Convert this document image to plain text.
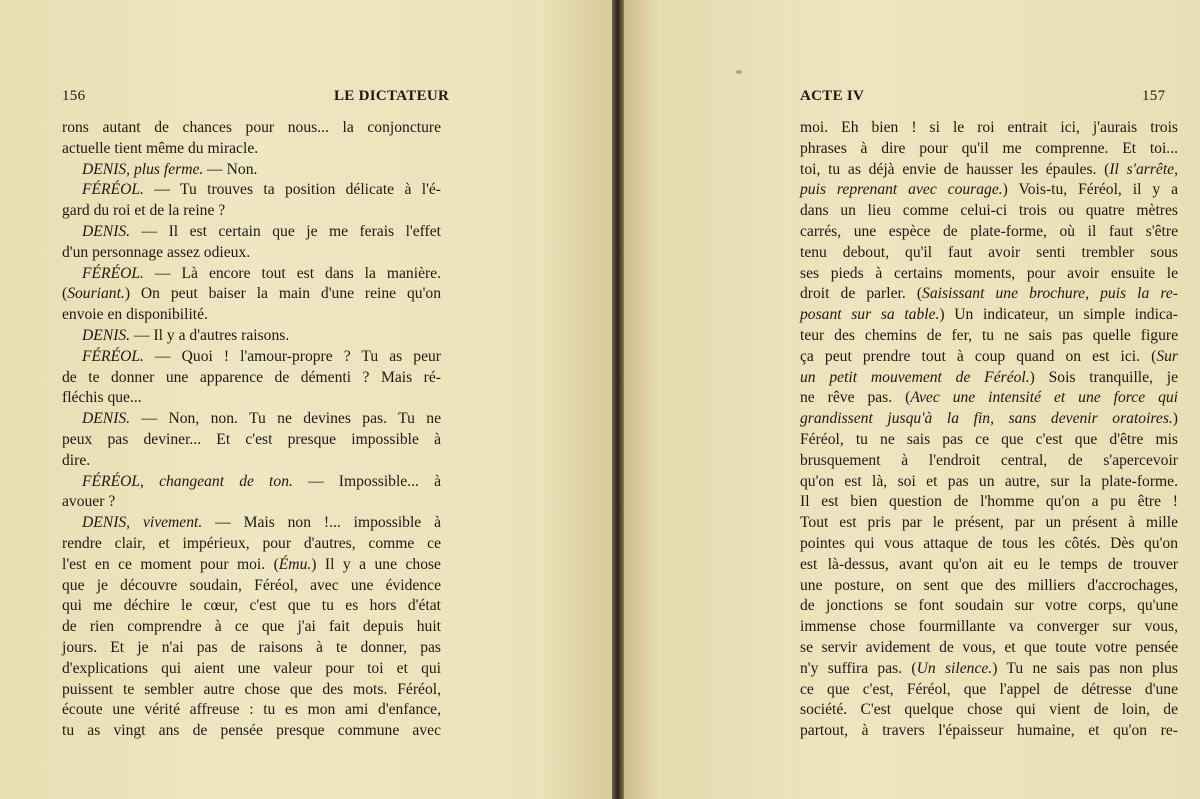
156	LE DICTATEUR
rons autant de chances pour nous... la conjoncture
actuelle tient même du miracle.
DENIS, plus ferme. — Non.
FÉRÉOL. — Tu trouves ta position délicate à l'é-
gard du roi et de la reine ?
DENIS. — Il est certain que je me ferais l'effet
d'un personnage assez odieux.
FÉRÉOL. — Là encore tout est dans la manière.
(Souriant.) On peut baiser la main d'une reine qu'on
envoie en disponibilité.
DENIS. — Il y a d'autres raisons.
FÉRÉOL. — Quoi ! l'amour-propre ? Tu as peur
de te donner une apparence de démenti ? Mais ré-
fléchis que...
DENIS. — Non, non. Tu ne devines pas. Tu ne
peux pas deviner... Et c'est presque impossible à
dire.
FÉRÉOL, changeant de ton. — Impossible... à
avouer ?
DENIS, vivement. — Mais non !... impossible à
rendre clair, et impérieux, pour d'autres, comme ce
l'est en ce moment pour moi. (Ému.) Il y a une chose
que je découvre soudain, Féréol, avec une évidence
qui me déchire le cœur, c'est que tu es hors d'état
de rien comprendre à ce que j'ai fait depuis huit
jours. Et je n'ai pas de raisons à te donner, pas
d'explications qui aient une valeur pour toi et qui
puissent te sembler autre chose que des mots. Féréol,
écoute une vérité affreuse : tu es mon ami d'enfance,
tu as vingt ans de pensée presque commune avec
ACTE IV	157
moi. Eh bien ! si le roi entrait ici, j'aurais trois
phrases à dire pour qu'il me comprenne. Et toi...
toi, tu as déjà envie de hausser les épaules. (Il s'arrête,
puis reprenant avec courage.) Vois-tu, Féréol, il y a
dans un lieu comme celui-ci trois ou quatre mètres
carrés, une espèce de plate-forme, où il faut s'être
tenu debout, qu'il faut avoir senti trembler sous
ses pieds à certains moments, pour avoir ensuite le
droit de parler. (Saisissant une brochure, puis la re-
posant sur sa table.) Un indicateur, un simple indica-
teur des chemins de fer, tu ne sais pas quelle figure
ça peut prendre tout à coup quand on est ici. (Sur
un petit mouvement de Féréol.) Sois tranquille, je
ne rêve pas. (Avec une intensité et une force qui
grandissent jusqu'à la fin, sans devenir oratoires.)
Féréol, tu ne sais pas ce que c'est que d'être mis
brusquement à l'endroit central, de s'apercevoir
qu'on est là, soi et pas un autre, sur la plate-forme.
Il est bien question de l'homme qu'on a pu être !
Tout est pris par le présent, par un présent à mille
pointes qui vous attaque de tous les côtés. Dès qu'on
est là-dessus, avant qu'on ait eu le temps de trouver
une posture, on sent que des milliers d'accrochages,
de jonctions se font soudain sur votre corps, qu'une
immense chose fourmillante va converger sur vous,
se servir avidement de vous, et que toute votre pensée
n'y suffira pas. (Un silence.) Tu ne sais pas non plus
ce que c'est, Féréol, que l'appel de détresse d'une
société. C'est quelque chose qui vient de loin, de
partout, à travers l'épaisseur humaine, et qu'on re-
